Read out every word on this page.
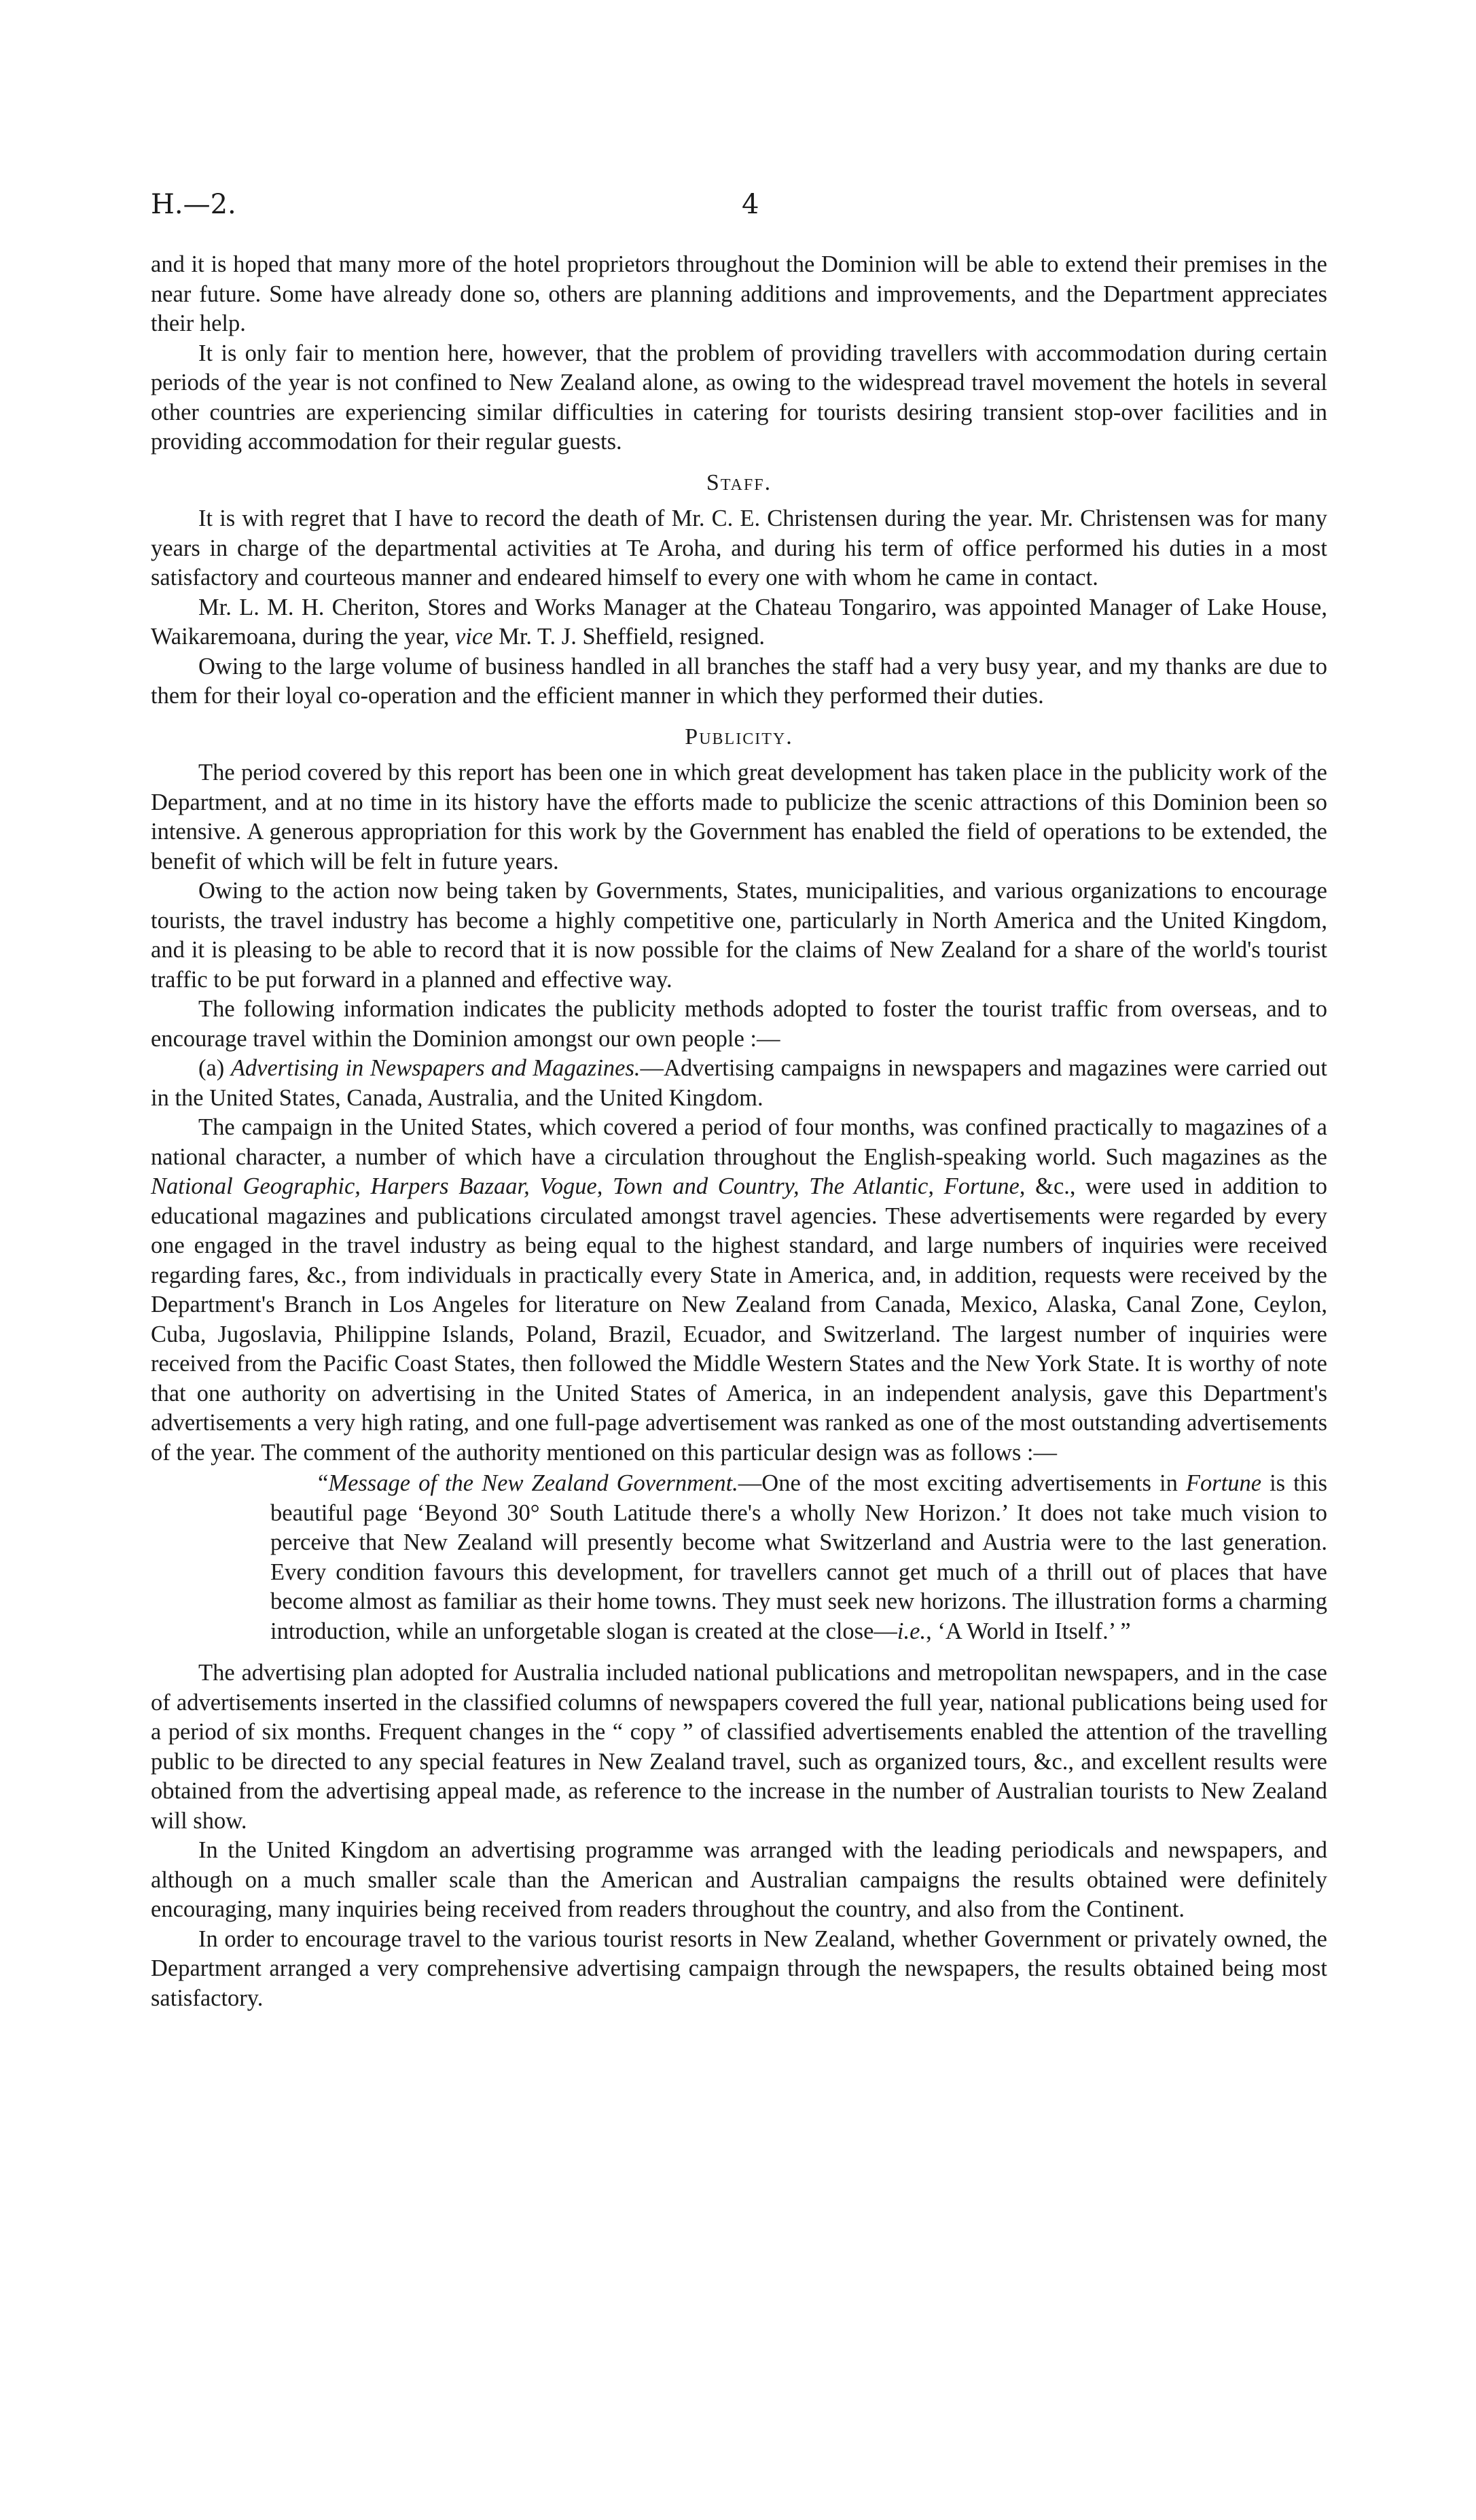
H.—2.	4

and it is hoped that many more of the hotel proprietors throughout the Dominion will be able to extend their premises in the near future. Some have already done so, others are planning additions and improvements, and the Department appreciates their help.

It is only fair to mention here, however, that the problem of providing travellers with accommodation during certain periods of the year is not confined to New Zealand alone, as owing to the widespread travel movement the hotels in several other countries are experiencing similar difficulties in catering for tourists desiring transient stop-over facilities and in providing accommodation for their regular guests.

Staff.

It is with regret that I have to record the death of Mr. C. E. Christensen during the year. Mr. Christensen was for many years in charge of the departmental activities at Te Aroha, and during his term of office performed his duties in a most satisfactory and courteous manner and endeared himself to every one with whom he came in contact.

Mr. L. M. H. Cheriton, Stores and Works Manager at the Chateau Tongariro, was appointed Manager of Lake House, Waikaremoana, during the year, vice Mr. T. J. Sheffield, resigned.

Owing to the large volume of business handled in all branches the staff had a very busy year, and my thanks are due to them for their loyal co-operation and the efficient manner in which they performed their duties.

Publicity.

The period covered by this report has been one in which great development has taken place in the publicity work of the Department, and at no time in its history have the efforts made to publicize the scenic attractions of this Dominion been so intensive. A generous appropriation for this work by the Government has enabled the field of operations to be extended, the benefit of which will be felt in future years.

Owing to the action now being taken by Governments, States, municipalities, and various organizations to encourage tourists, the travel industry has become a highly competitive one, particularly in North America and the United Kingdom, and it is pleasing to be able to record that it is now possible for the claims of New Zealand for a share of the world's tourist traffic to be put forward in a planned and effective way.

The following information indicates the publicity methods adopted to foster the tourist traffic from overseas, and to encourage travel within the Dominion amongst our own people :—

(a) Advertising in Newspapers and Magazines.—Advertising campaigns in newspapers and magazines were carried out in the United States, Canada, Australia, and the United Kingdom.

The campaign in the United States, which covered a period of four months, was confined practically to magazines of a national character, a number of which have a circulation throughout the English-speaking world. Such magazines as the National Geographic, Harpers Bazaar, Vogue, Town and Country, The Atlantic, Fortune, &c., were used in addition to educational magazines and publications circulated amongst travel agencies. These advertisements were regarded by every one engaged in the travel industry as being equal to the highest standard, and large numbers of inquiries were received regarding fares, &c., from individuals in practically every State in America, and, in addition, requests were received by the Department's Branch in Los Angeles for literature on New Zealand from Canada, Mexico, Alaska, Canal Zone, Ceylon, Cuba, Jugoslavia, Philippine Islands, Poland, Brazil, Ecuador, and Switzerland. The largest number of inquiries were received from the Pacific Coast States, then followed the Middle Western States and the New York State. It is worthy of note that one authority on advertising in the United States of America, in an independent analysis, gave this Department's advertisements a very high rating, and one full-page advertisement was ranked as one of the most outstanding advertisements of the year. The comment of the authority mentioned on this particular design was as follows :—

“Message of the New Zealand Government.—One of the most exciting advertisements in Fortune is this beautiful page ‘Beyond 30° South Latitude there's a wholly New Horizon.’ It does not take much vision to perceive that New Zealand will presently become what Switzerland and Austria were to the last generation. Every condition favours this development, for travellers cannot get much of a thrill out of places that have become almost as familiar as their home towns. They must seek new horizons. The illustration forms a charming introduction, while an unforgetable slogan is created at the close—i.e., ‘A World in Itself.’ ”

The advertising plan adopted for Australia included national publications and metropolitan newspapers, and in the case of advertisements inserted in the classified columns of newspapers covered the full year, national publications being used for a period of six months. Frequent changes in the “ copy ” of classified advertisements enabled the attention of the travelling public to be directed to any special features in New Zealand travel, such as organized tours, &c., and excellent results were obtained from the advertising appeal made, as reference to the increase in the number of Australian tourists to New Zealand will show.

In the United Kingdom an advertising programme was arranged with the leading periodicals and newspapers, and although on a much smaller scale than the American and Australian campaigns the results obtained were definitely encouraging, many inquiries being received from readers throughout the country, and also from the Continent.

In order to encourage travel to the various tourist resorts in New Zealand, whether Government or privately owned, the Department arranged a very comprehensive advertising campaign through the newspapers, the results obtained being most satisfactory.
